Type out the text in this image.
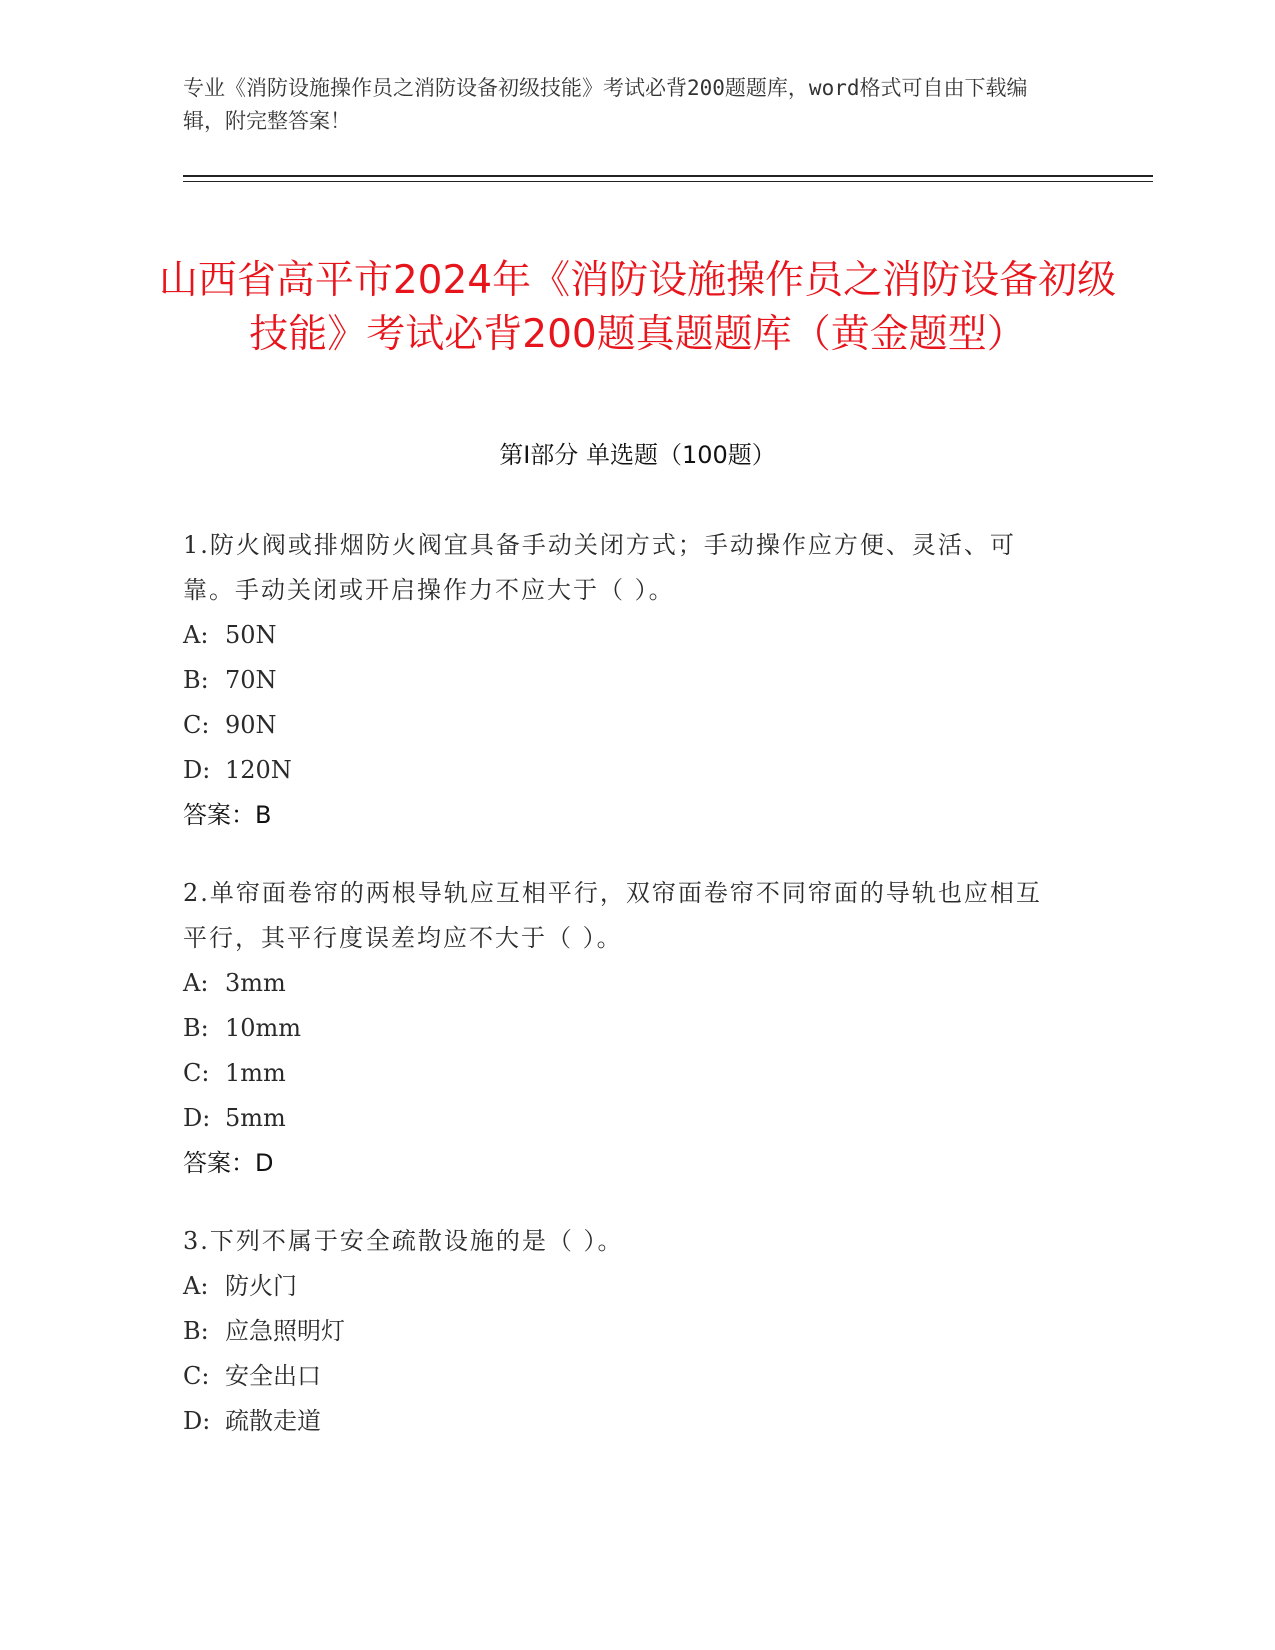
专业《消防设施操作员之消防设备初级技能》考试必背200题题库，word格式可自由下载编辑，附完整答案！
山西省高平市2024年《消防设施操作员之消防设备初级技能》考试必背200题真题题库（黄金题型）
第I部分 单选题（100题）
1.防火阀或排烟防火阀宜具备手动关闭方式；手动操作应方便、灵活、可靠。手动关闭或开启操作力不应大于（ ）。
A: 50N
B: 70N
C: 90N
D: 120N
答案：B
2.单帘面卷帘的两根导轨应互相平行，双帘面卷帘不同帘面的导轨也应相互平行，其平行度误差均应不大于（ ）。
A: 3mm
B: 10mm
C: 1mm
D: 5mm
答案：D
3.下列不属于安全疏散设施的是（ ）。
A: 防火门
B: 应急照明灯
C: 安全出口
D: 疏散走道
